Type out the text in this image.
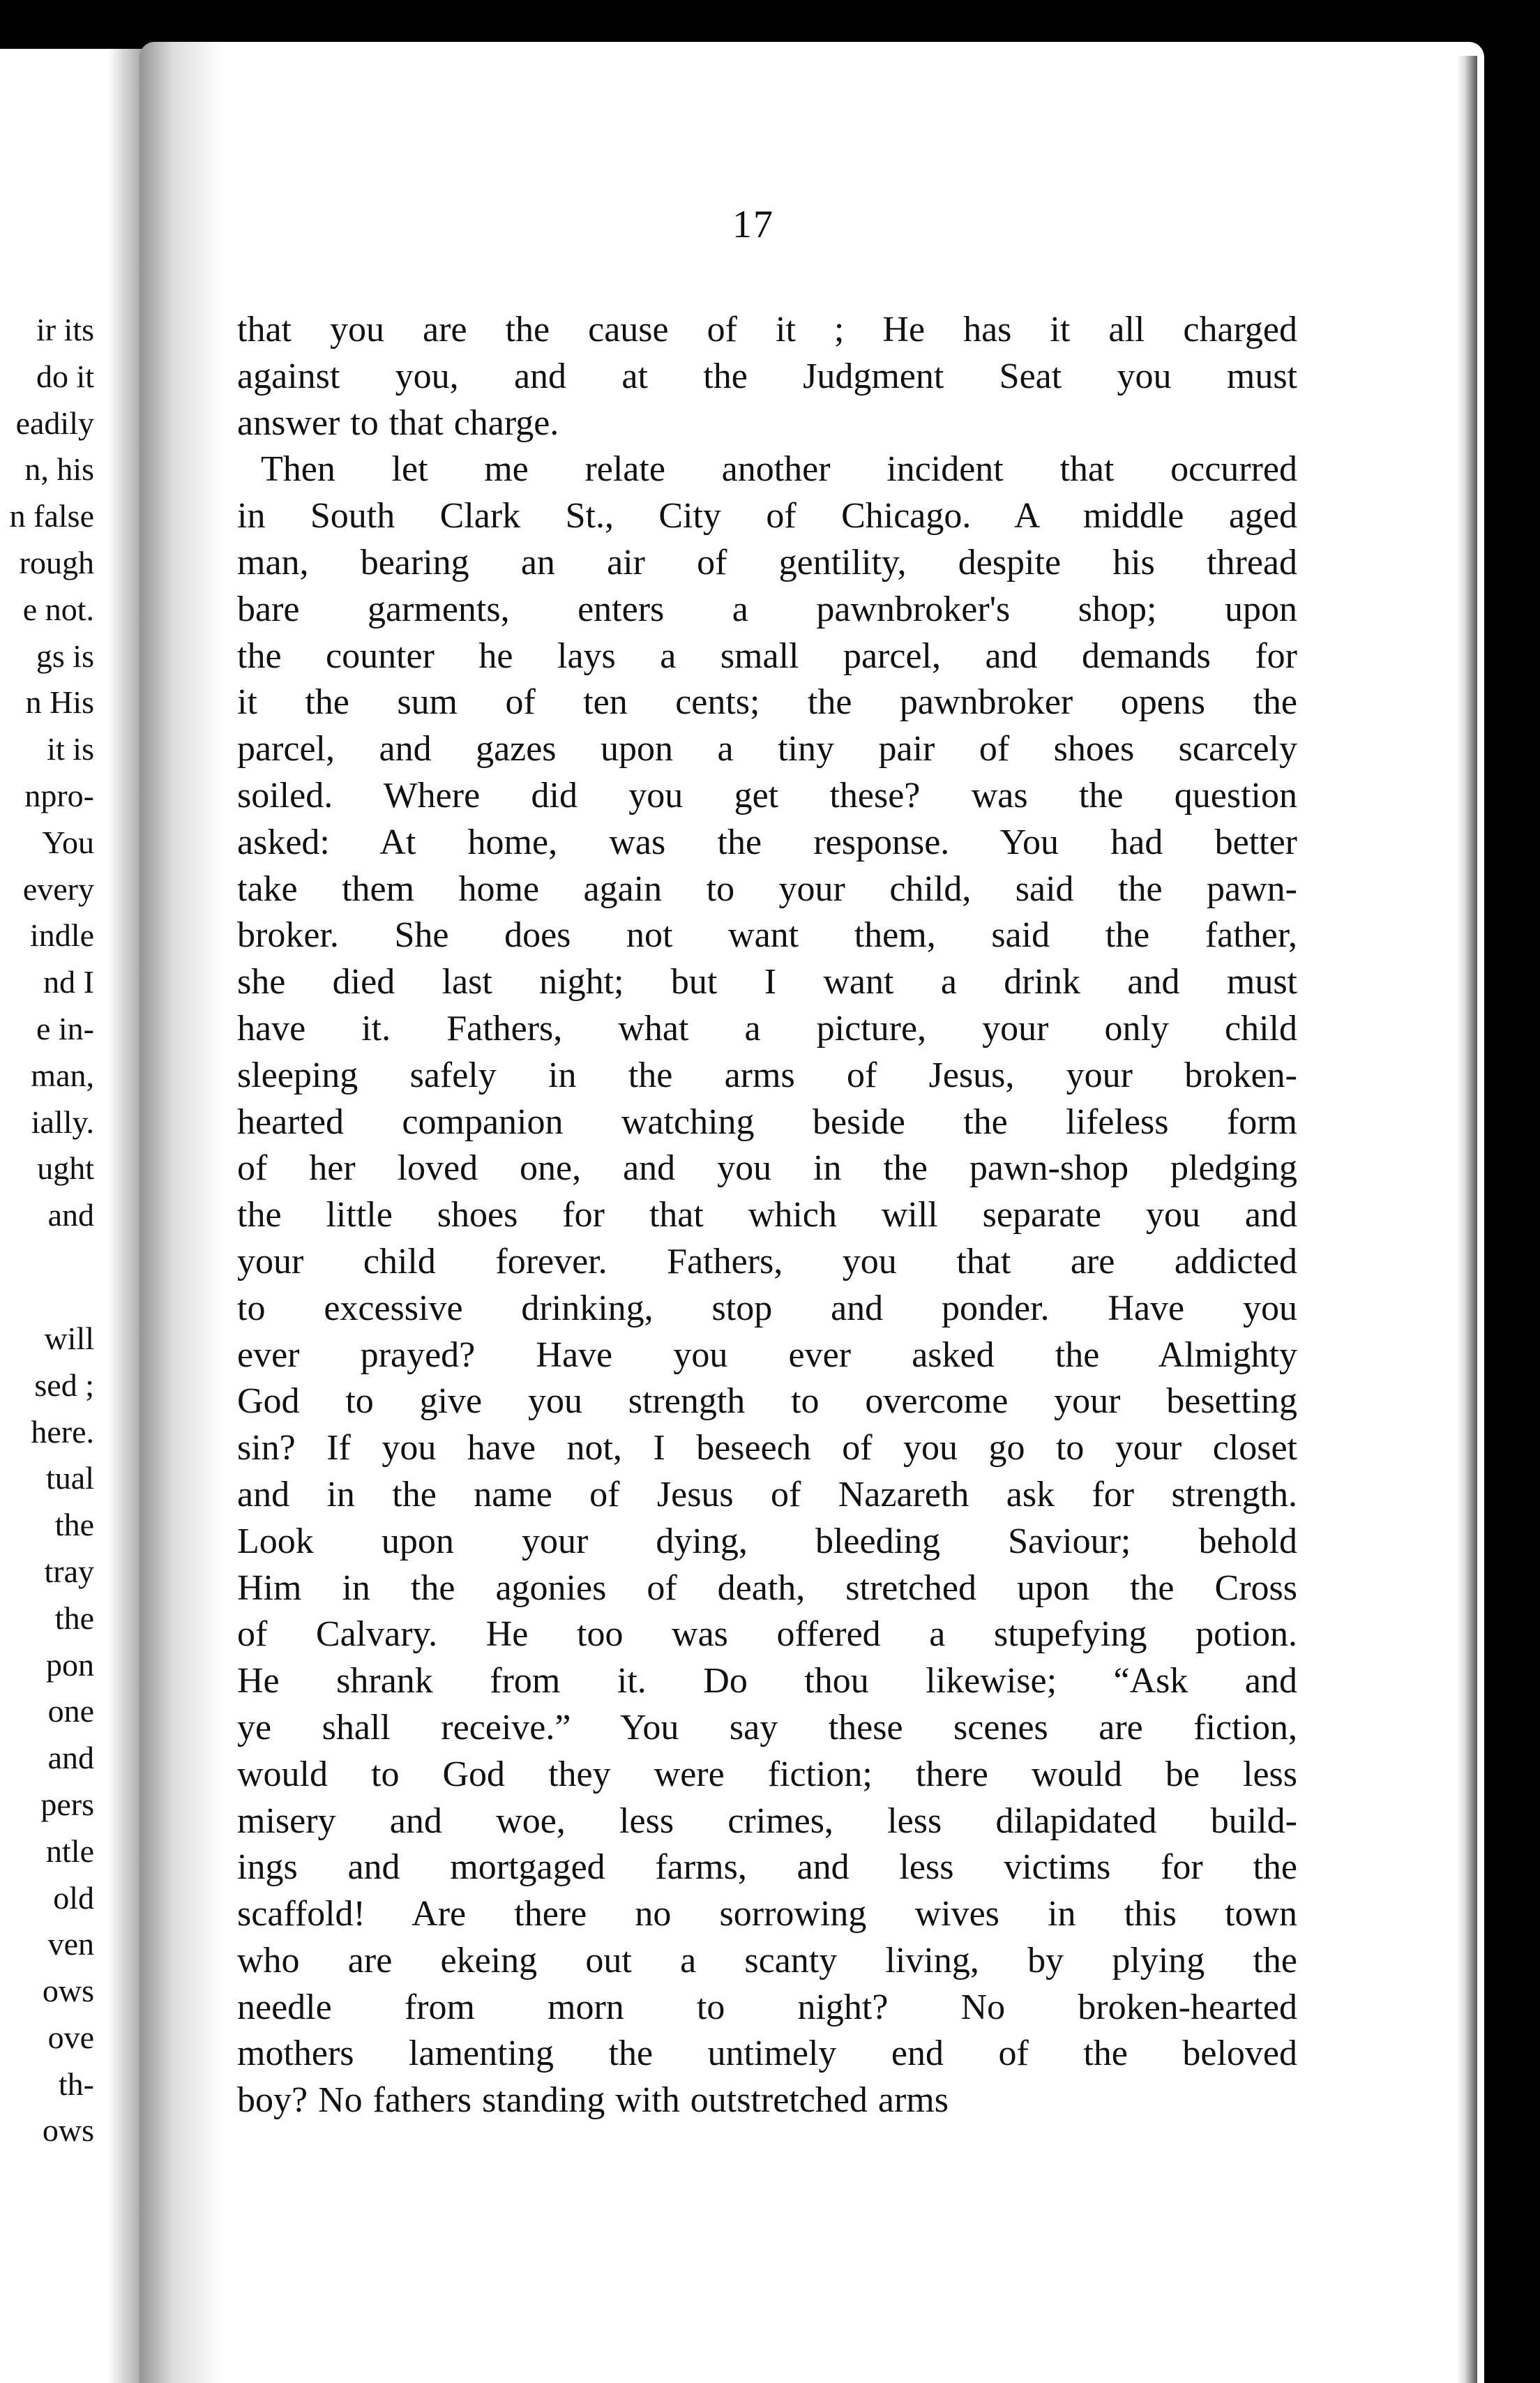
ir its
do it
eadily
n, his
n false
rough
e not.
gs is
n His
it is
npro-
You
every
indle
nd I
e in-
man,
ially.
ught
and
will
sed ;
here.
tual
the
tray
the
pon
one
and
pers
ntle
old
ven
ows
ove
th-
ows
17
that you are the cause of it ; He has it all charged
against you, and at the Judgment Seat you must
answer to that charge.
Then let me relate another incident that occurred
in South Clark St., City of Chicago. A middle aged
man, bearing an air of gentility, despite his thread
bare garments, enters a pawnbroker's shop; upon
the counter he lays a small parcel, and demands for
it the sum of ten cents; the pawnbroker opens the
parcel, and gazes upon a tiny pair of shoes scarcely
soiled. Where did you get these? was the question
asked: At home, was the response. You had better
take them home again to your child, said the pawn-
broker. She does not want them, said the father,
she died last night; but I want a drink and must
have it. Fathers, what a picture, your only child
sleeping safely in the arms of Jesus, your broken-
hearted companion watching beside the lifeless form
of her loved one, and you in the pawn-shop pledging
the little shoes for that which will separate you and
your child forever. Fathers, you that are addicted
to excessive drinking, stop and ponder. Have you
ever prayed? Have you ever asked the Almighty
God to give you strength to overcome your besetting
sin? If you have not, I beseech of you go to your closet
and in the name of Jesus of Nazareth ask for strength.
Look upon your dying, bleeding Saviour; behold
Him in the agonies of death, stretched upon the Cross
of Calvary. He too was offered a stupefying potion.
He shrank from it. Do thou likewise; “Ask and
ye shall receive.” You say these scenes are fiction,
would to God they were fiction; there would be less
misery and woe, less crimes, less dilapidated build-
ings and mortgaged farms, and less victims for the
scaffold! Are there no sorrowing wives in this town
who are ekeing out a scanty living, by plying the
needle from morn to night? No broken-hearted
mothers lamenting the untimely end of the beloved
boy? No fathers standing with outstretched arms
